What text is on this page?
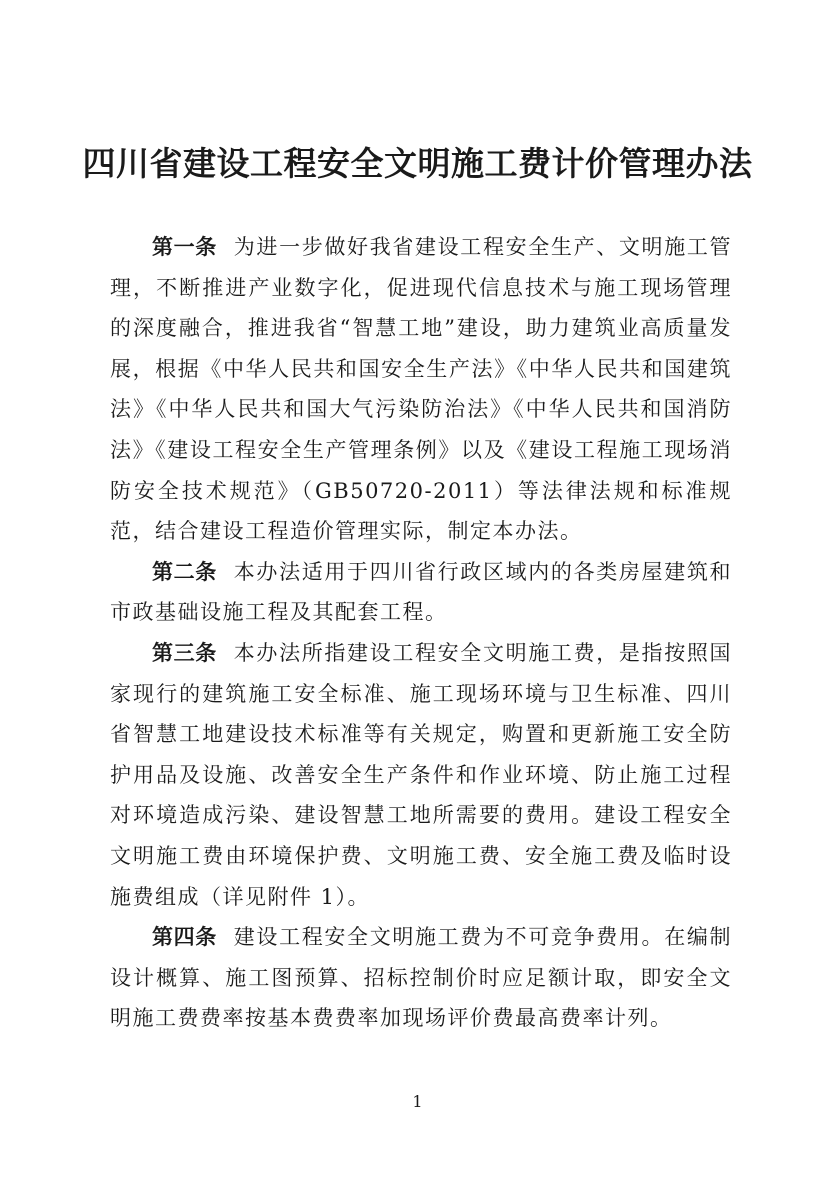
四川省建设工程安全文明施工费计价管理办法

第一条 为进一步做好我省建设工程安全生产、文明施工管理，不断推进产业数字化，促进现代信息技术与施工现场管理的深度融合，推进我省“智慧工地”建设，助力建筑业高质量发展，根据《中华人民共和国安全生产法》《中华人民共和国建筑法》《中华人民共和国大气污染防治法》《中华人民共和国消防法》《建设工程安全生产管理条例》以及《建设工程施工现场消防安全技术规范》（GB50720-2011）等法律法规和标准规范，结合建设工程造价管理实际，制定本办法。

第二条 本办法适用于四川省行政区域内的各类房屋建筑和市政基础设施工程及其配套工程。

第三条 本办法所指建设工程安全文明施工费，是指按照国家现行的建筑施工安全标准、施工现场环境与卫生标准、四川省智慧工地建设技术标准等有关规定，购置和更新施工安全防护用品及设施、改善安全生产条件和作业环境、防止施工过程对环境造成污染、建设智慧工地所需要的费用。建设工程安全文明施工费由环境保护费、文明施工费、安全施工费及临时设施费组成（详见附件 1）。

第四条 建设工程安全文明施工费为不可竞争费用。在编制设计概算、施工图预算、招标控制价时应足额计取，即安全文明施工费费率按基本费费率加现场评价费最高费率计列。

1
